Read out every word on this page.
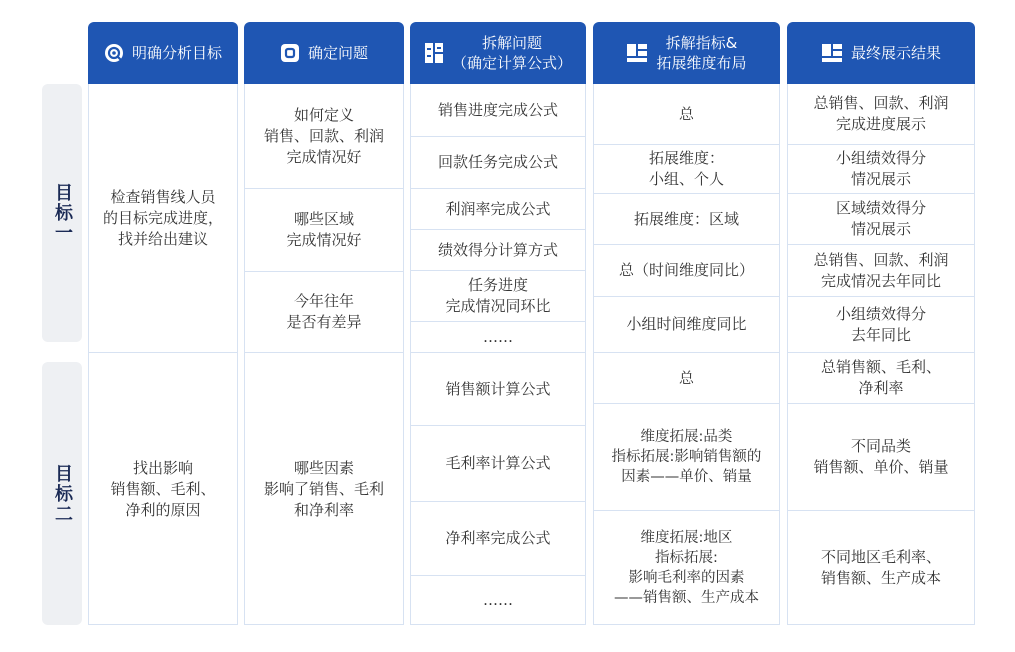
明确分析目标	确定问题
拆解问题
（确定计算公式）
拆解指标&
拓展维度布局
最终展示结果
目标一
目标二
检查销售线人员
的目标完成进度，
找并给出建议
找出影响
销售额、毛利、
净利的原因
如何定义
销售、回款、利润
完成情况好
哪些区域
完成情况好
今年往年
是否有差异
哪些因素
影响了销售、毛利
和净利率
销售进度完成公式
回款任务完成公式
利润率完成公式
绩效得分计算方式
任务进度
完成情况同环比
……
销售额计算公式
毛利率计算公式
净利率完成公式
……
总
拓展维度：
小组、个人
拓展维度：区域
总（时间维度同比）
小组时间维度同比
总
维度拓展:品类
指标拓展:影响销售额的
因素——单价、销量
维度拓展:地区
指标拓展:
影响毛利率的因素
——销售额、生产成本
总销售、回款、利润
完成进度展示
小组绩效得分
情况展示
区域绩效得分
情况展示
总销售、回款、利润
完成情况去年同比
小组绩效得分
去年同比
总销售额、毛利、
净利率
不同品类
销售额、单价、销量
不同地区毛利率、
销售额、生产成本
